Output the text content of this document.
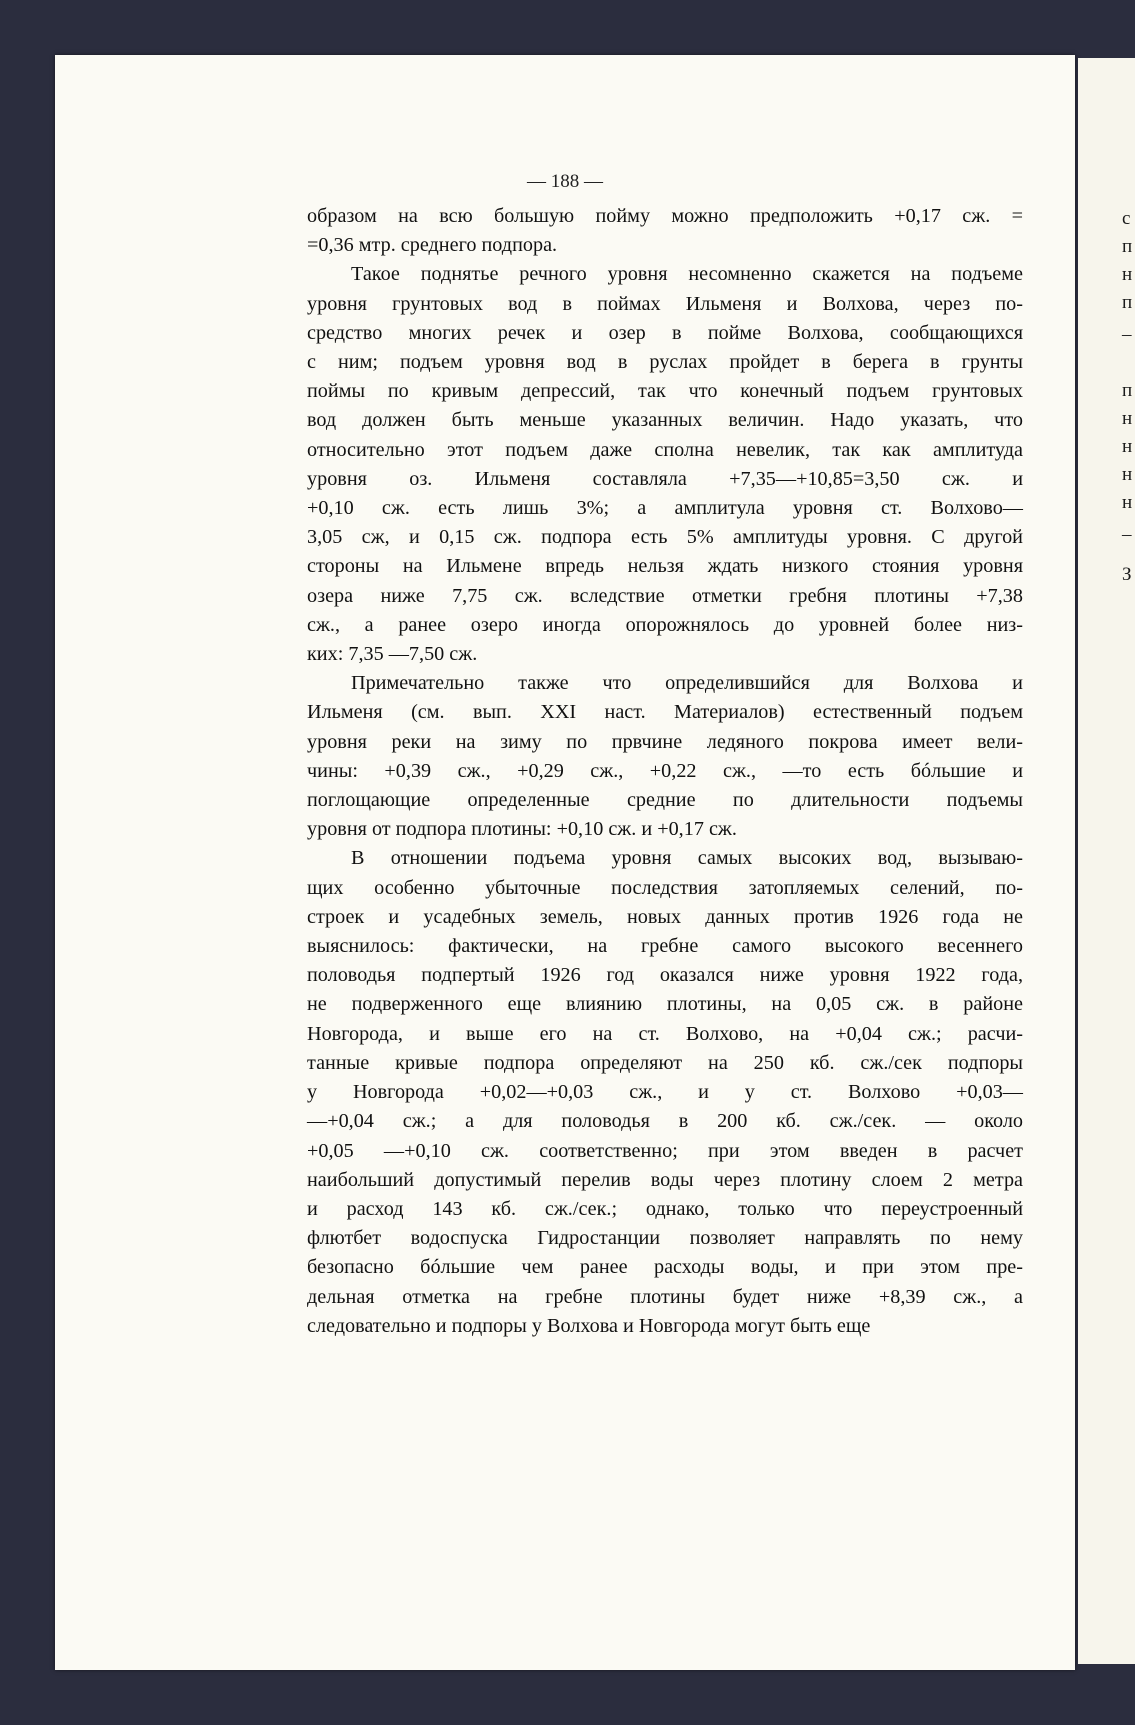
— 188 —

образом на всю большую пойму можно предположить +0,17 сж. =
=0,36 мтр. среднего подпора.

Такое поднятье речного уровня несомненно скажется на подъеме
уровня грунтовых вод в поймах Ильменя и Волхова, через по-
средство многих речек и озер в пойме Волхова, сообщающихся
с ним; подъем уровня вод в руслах пройдет в берега в грунты
поймы по кривым депрессий, так что конечный подъем грунтовых
вод должен быть меньше указанных величин. Надо указать, что
относительно этот подъем даже сполна невелик, так как амплитуда
уровня оз. Ильменя составляла +7,35—+10,85=3,50 сж. и
+0,10 сж. есть лишь 3%; а амплитула уровня ст. Волхово—
3,05 сж, и 0,15 сж. подпора есть 5% амплитуды уровня. С другой
стороны на Ильмене впредь нельзя ждать низкого стояния уровня
озера ниже 7,75 сж. вследствие отметки гребня плотины +7,38
сж., а ранее озеро иногда опорожнялось до уровней более низ-
ких: 7,35 —7,50 сж.

Примечательно также что определившийся для Волхова и
Ильменя (см. вып. XXI наст. Материалов) естественный подъем
уровня реки на зиму по првчине ледяного покрова имеет вели-
чины: +0,39 сж., +0,29 сж., +0,22 сж., —то есть бóльшие и
поглощающие определенные средние по длительности подъемы
уровня от подпора плотины: +0,10 сж. и +0,17 сж.

В отношении подъема уровня самых высоких вод, вызываю-
щих особенно убыточные последствия затопляемых селений, по-
строек и усадебных земель, новых данных против 1926 года не
выяснилось: фактически, на гребне самого высокого весеннего
половодья подпертый 1926 год оказался ниже уровня 1922 года,
не подверженного еще влиянию плотины, на 0,05 сж. в районе
Новгорода, и выше его на ст. Волхово, на +0,04 сж.; расчи-
танные кривые подпора определяют на 250 кб. сж./сек подпоры
у Новгорода +0,02—+0,03 сж., и у ст. Волхово +0,03—
—+0,04 сж.; а для половодья в 200 кб. сж./сек. — около
+0,05 —+0,10 сж. соответственно; при этом введен в расчет
наибольший допустимый перелив воды через плотину слоем 2 метра
и расход 143 кб. сж./сек.; однако, только что переустроенный
флютбет водоспуска Гидростанции позволяет направлять по нему
безопасно бóльшие чем ранее расходы воды, и при этом пре-
дельная отметка на гребне плотины будет ниже +8,39 сж., а
следовательно и подпоры у Волхова и Новгорода могут быть еще

с
п
н
п
–
п
н
н
н
н
–
З
